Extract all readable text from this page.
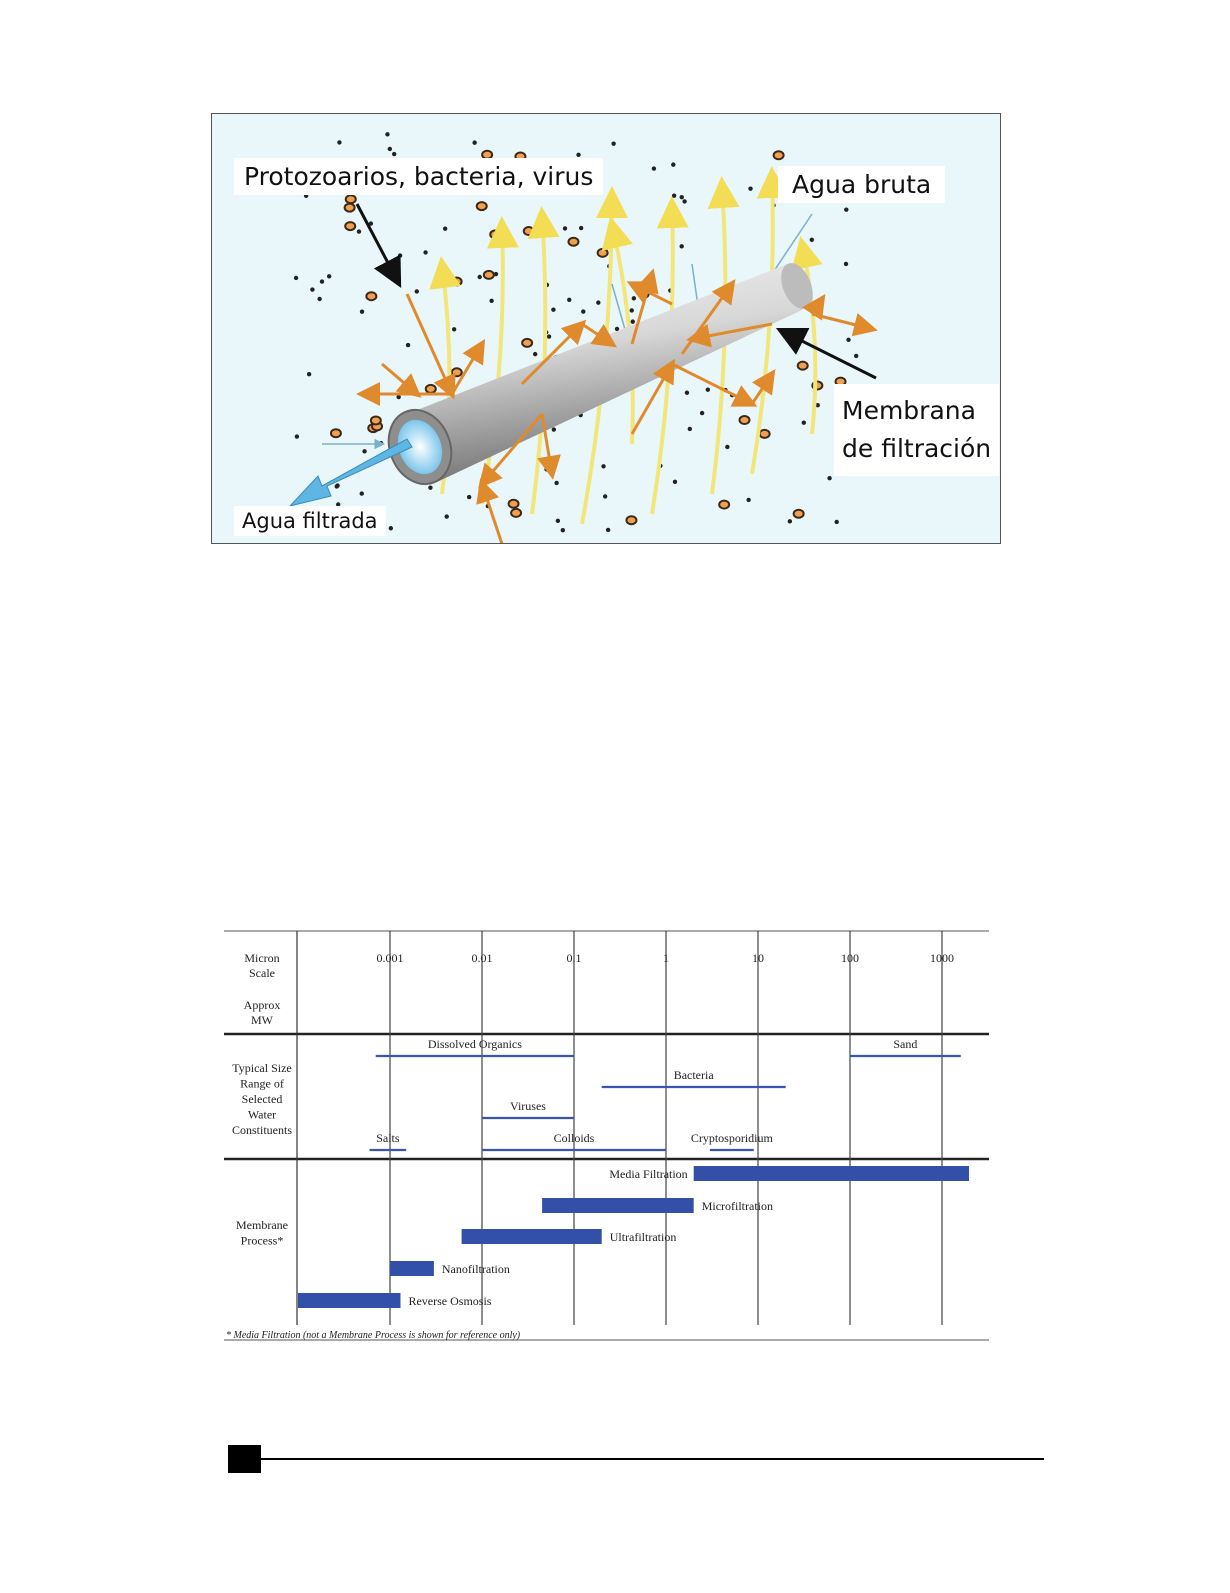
Protozoarios, bacteria, virus	Agua bruta
Membrana
de filtración
Agua filtrada
0.001	0.01	0.1	1	10	100	1000
Micron
Scale
Approx
MW
Typical Size
Range of
Selected
Water
Constituents
Membrane
Process*
Dissolved Organics	Sand
Bacteria
Viruses
Salts	Colloids	Cryptosporidium
Media Filtration
Microfiltration
Ultrafiltration
Nanofiltration
Reverse Osmosis
* Media Filtration (not a Membrane Process is shown for reference only)
